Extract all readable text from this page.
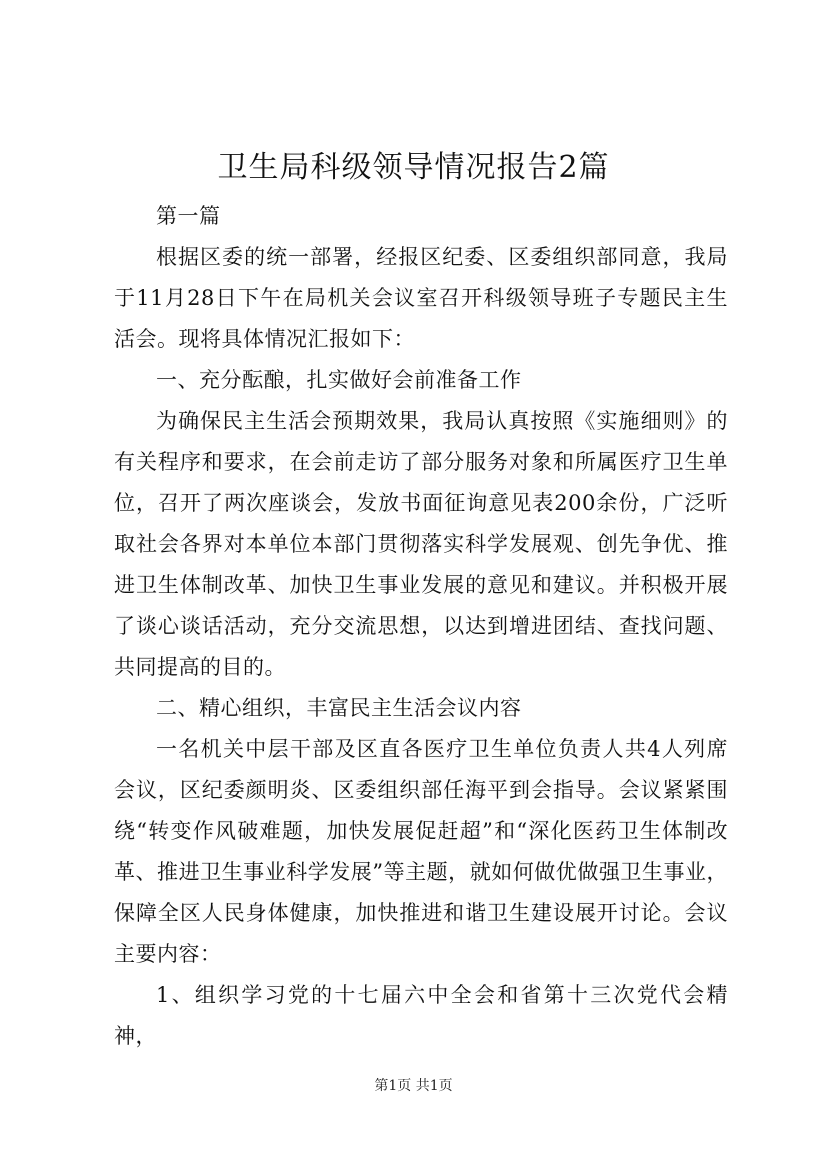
卫生局科级领导情况报告2篇

第一篇

根据区委的统一部署，经报区纪委、区委组织部同意，我局于11月28日下午在局机关会议室召开科级领导班子专题民主生活会。现将具体情况汇报如下：

一、充分酝酿，扎实做好会前准备工作

为确保民主生活会预期效果，我局认真按照《实施细则》的有关程序和要求，在会前走访了部分服务对象和所属医疗卫生单位，召开了两次座谈会，发放书面征询意见表200余份，广泛听取社会各界对本单位本部门贯彻落实科学发展观、创先争优、推进卫生体制改革、加快卫生事业发展的意见和建议。并积极开展了谈心谈话活动，充分交流思想，以达到增进团结、查找问题、共同提高的目的。

二、精心组织，丰富民主生活会议内容

一名机关中层干部及区直各医疗卫生单位负责人共4人列席会议，区纪委颜明炎、区委组织部任海平到会指导。会议紧紧围绕“转变作风破难题，加快发展促赶超”和“深化医药卫生体制改革、推进卫生事业科学发展”等主题，就如何做优做强卫生事业，保障全区人民身体健康，加快推进和谐卫生建设展开讨论。会议主要内容：

1、组织学习党的十七届六中全会和省第十三次党代会精神，

第1页 共1页
